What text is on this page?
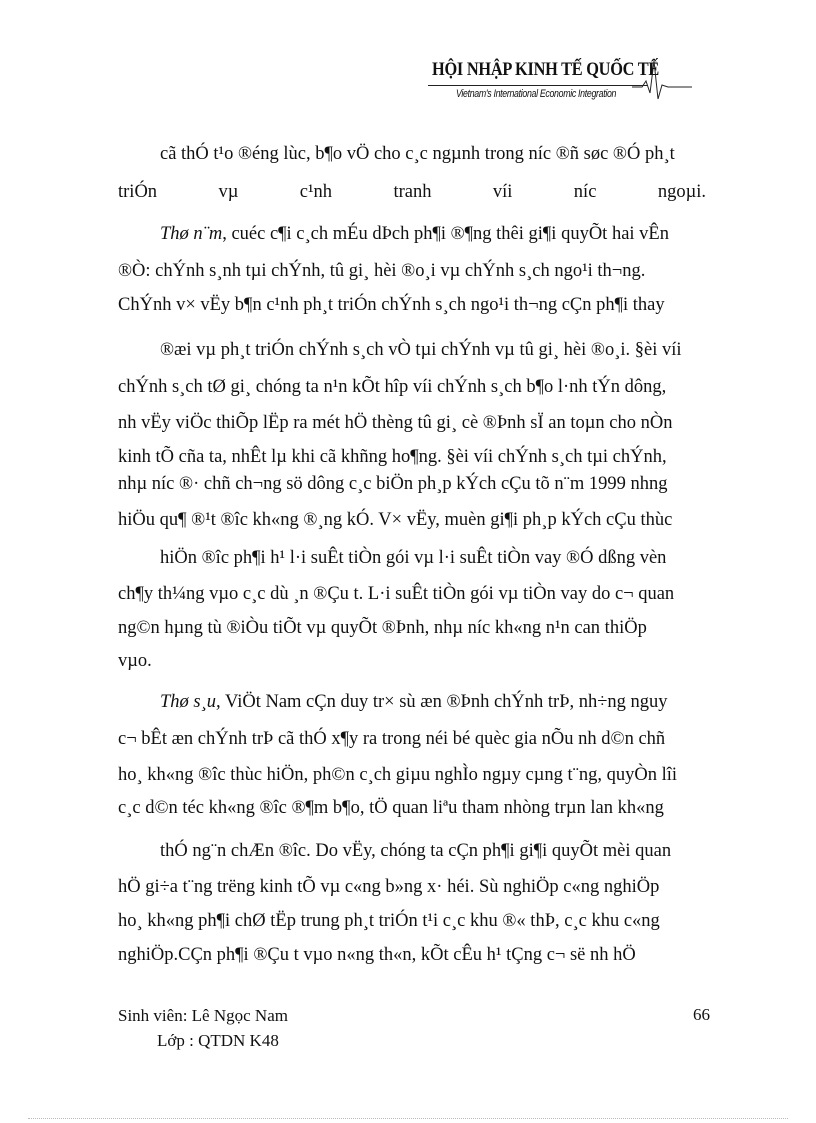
HỘI NHẬP KINH TẾ QUỐC TẾ
Vietnam's International Economic Integration
cã thÓ t¹o ®éng lùc, b¶o vÖ cho c¸c ngµnh trong níc ®ñ søc ®Ó ph¸t
triÓn vµ c¹nh tranh víi níc ngoµi.
Thø n¨m, cuéc c¶i c¸ch mÉu dÞch ph¶i ®¶ng thêi gi¶i quyÕt hai vÊn
®Ò: chÝnh s¸nh tµi chÝnh, tû gi¸ hèi ®o¸i vµ chÝnh s¸ch ngo¹i th¬ng.
ChÝnh v× vËy b¶n c¹nh ph¸t triÓn chÝnh s¸ch ngo¹i th¬ng cÇn ph¶i thay
®æi vµ ph¸t triÓn chÝnh s¸ch vÒ tµi chÝnh vµ tû gi¸ hèi ®o¸i. §èi víi
chÝnh s¸ch tØ gi¸ chóng ta n¹n kÕt hîp víi chÝnh s¸ch b¶o l·nh tÝn dông,
nh vËy viÖc thiÕp lËp ra mét hÖ thèng tû gi¸ cè ®Þnh sÏ an toµn cho nÒn
kinh tÕ cña ta, nhÊt lµ khi cã khñng ho¶ng. §èi víi chÝnh s¸ch tµi chÝnh,
nhµ níc ®· chñ ch¬ng sö dông c¸c biÖn ph¸p kÝch cÇu tõ n¨m 1999 nhng
hiÖu qu¶ ®¹t ®îc kh«ng ®¸ng kÓ. V× vËy, muèn gi¶i ph¸p kÝch cÇu thùc
hiÖn ®îc ph¶i h¹ l·i suÊt tiÒn gói vµ l·i suÊt tiÒn vay ®Ó dßng vèn
ch¶y th¼ng vµo c¸c dù ¸n ®Çu t. L·i suÊt tiÒn gói vµ tiÒn vay do c¬ quan
ng©n hµng tù ®iÒu tiÕt vµ quyÕt ®Þnh, nhµ níc kh«ng n¹n can thiÖp
vµo.
Thø s¸u, ViÖt Nam cÇn duy tr× sù æn ®Þnh chÝnh trÞ, nh÷ng nguy
c¬ bÊt æn chÝnh trÞ cã thÓ x¶y ra trong néi bé quèc gia nÕu nh d©n chñ
ho¸ kh«ng ®îc thùc hiÖn, ph©n c¸ch giµu nghÌo ngµy cµng t¨ng, quyÒn lîi
c¸c d©n téc kh«ng ®îc ®¶m b¶o, tÖ quan liªu tham nhòng trµn lan kh«ng
thÓ ng¨n chÆn ®îc. Do vËy, chóng ta cÇn ph¶i gi¶i quyÕt mèi quan
hÖ gi÷a t¨ng trëng kinh tÕ vµ c«ng b»ng x· héi. Sù nghiÖp c«ng nghiÖp
ho¸ kh«ng ph¶i chØ tËp trung ph¸t triÓn t¹i c¸c khu ®« thÞ, c¸c khu c«ng
nghiÖp.CÇn ph¶i ®Çu t vµo n«ng th«n, kÕt cÊu h¹ tÇng c¬ së nh hÖ
Sinh viên: Lê Ngọc Nam
Lớp : QTDN K48
66
